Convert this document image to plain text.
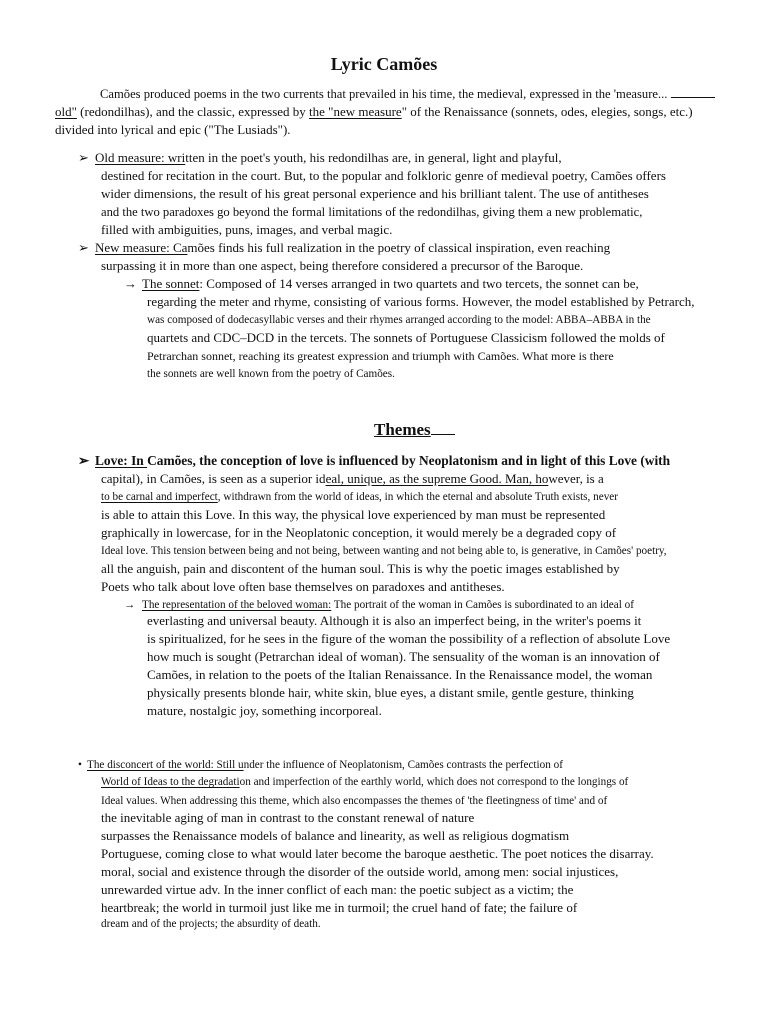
Lyric Camões
Camões produced poems in the two currents that prevailed in his time, the medieval, expressed in the 'measure...
old" (redondilhas), and the classic, expressed by the "new measure" of the Renaissance (sonnets, odes, elegies, songs, etc.)
divided into lyrical and epic ("The Lusiads").
➢ Old measure: written in the poet's youth, his redondilhas are, in general, light and playful,
destined for recitation in the court. But, to the popular and folkloric genre of medieval poetry, Camões offers
wider dimensions, the result of his great personal experience and his brilliant talent. The use of antitheses
and the two paradoxes go beyond the formal limitations of the redondilhas, giving them a new problematic,
filled with ambiguities, puns, images, and verbal magic.
➢ New measure: Camões finds his full realization in the poetry of classical inspiration, even reaching
surpassing it in more than one aspect, being therefore considered a precursor of the Baroque.
→ The sonnet: Composed of 14 verses arranged in two quartets and two tercets, the sonnet can be,
regarding the meter and rhyme, consisting of various forms. However, the model established by Petrarch,
was composed of dodecasyllabic verses and their rhymes arranged according to the model: ABBA–ABBA in the
quartets and CDC–DCD in the tercets. The sonnets of Portuguese Classicism followed the molds of
Petrarchan sonnet, reaching its greatest expression and triumph with Camões. What more is there
the sonnets are well known from the poetry of Camões.
Themes
➢ Love: In Camões, the conception of love is influenced by Neoplatonism and in light of this Love (with
capital), in Camões, is seen as a superior ideal, unique, as the supreme Good. Man, however, is a
to be carnal and imperfect, withdrawn from the world of ideas, in which the eternal and absolute Truth exists, never
is able to attain this Love. In this way, the physical love experienced by man must be represented
graphically in lowercase, for in the Neoplatonic conception, it would merely be a degraded copy of
Ideal love. This tension between being and not being, between wanting and not being able to, is generative, in Camões' poetry,
all the anguish, pain and discontent of the human soul. This is why the poetic images established by
Poets who talk about love often base themselves on paradoxes and antitheses.
→ The representation of the beloved woman: The portrait of the woman in Camões is subordinated to an ideal of
everlasting and universal beauty. Although it is also an imperfect being, in the writer's poems it
is spiritualized, for he sees in the figure of the woman the possibility of a reflection of absolute Love
how much is sought (Petrarchan ideal of woman). The sensuality of the woman is an innovation of
Camões, in relation to the poets of the Italian Renaissance. In the Renaissance model, the woman
physically presents blonde hair, white skin, blue eyes, a distant smile, gentle gesture, thinking
mature, nostalgic joy, something incorporeal.
• The disconcert of the world: Still under the influence of Neoplatonism, Camões contrasts the perfection of
World of Ideas to the degradation and imperfection of the earthly world, which does not correspond to the longings of
Ideal values. When addressing this theme, which also encompasses the themes of 'the fleetingness of time' and of
the inevitable aging of man in contrast to the constant renewal of nature
surpasses the Renaissance models of balance and linearity, as well as religious dogmatism
Portuguese, coming close to what would later become the baroque aesthetic. The poet notices the disarray.
moral, social and existence through the disorder of the outside world, among men: social injustices,
unrewarded virtue adv. In the inner conflict of each man: the poetic subject as a victim; the
heartbreak; the world in turmoil just like me in turmoil; the cruel hand of fate; the failure of
dream and of the projects; the absurdity of death.
